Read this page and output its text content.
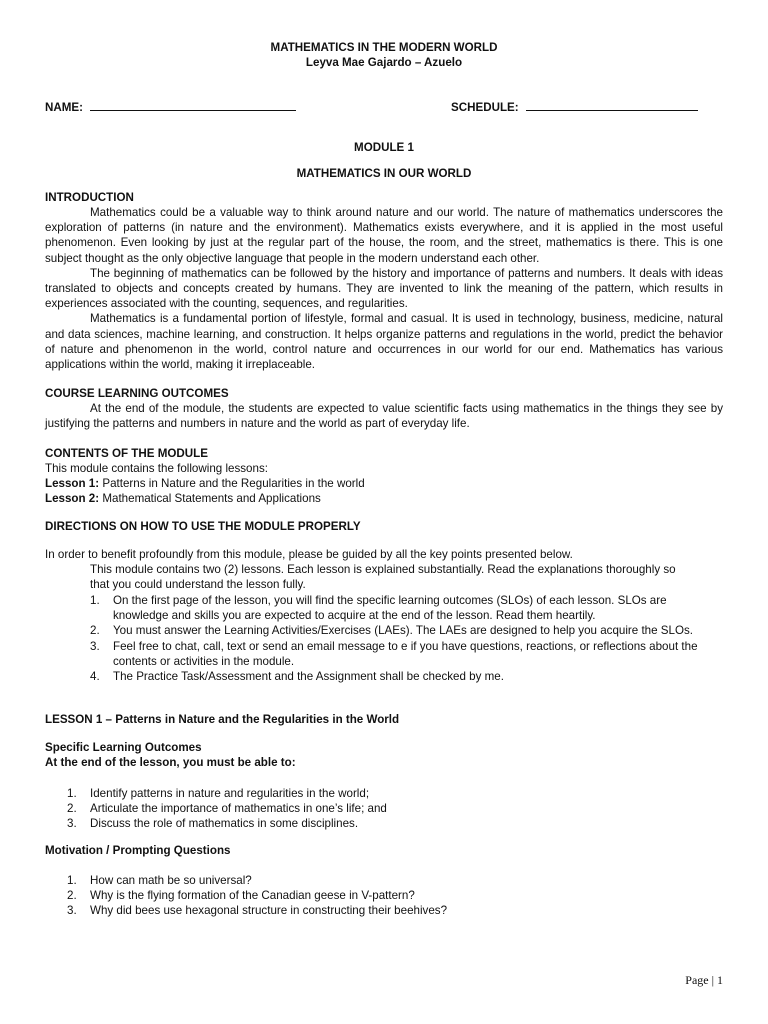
MATHEMATICS IN THE MODERN WORLD
Leyva Mae Gajardo – Azuelo
NAME:	SCHEDULE:
MODULE 1
MATHEMATICS IN OUR WORLD
INTRODUCTION

Mathematics could be a valuable way to think around nature and our world. The nature of mathematics underscores the exploration of patterns (in nature and the environment). Mathematics exists everywhere, and it is applied in the most useful phenomenon. Even looking by just at the regular part of the house, the room, and the street, mathematics is there. This is one subject thought as the only objective language that people in the modern understand each other.

The beginning of mathematics can be followed by the history and importance of patterns and numbers. It deals with ideas translated to objects and concepts created by humans. They are invented to link the meaning of the pattern, which results in experiences associated with the counting, sequences, and regularities.

Mathematics is a fundamental portion of lifestyle, formal and casual. It is used in technology, business, medicine, natural and data sciences, machine learning, and construction. It helps organize patterns and regulations in the world, predict the behavior of nature and phenomenon in the world, control nature and occurrences in our world for our end. Mathematics has various applications within the world, making it irreplaceable.

COURSE LEARNING OUTCOMES
At the end of the module, the students are expected to value scientific facts using mathematics in the things they see by justifying the patterns and numbers in nature and the world as part of everyday life.
CONTENTS OF THE MODULE
This module contains the following lessons:
Lesson 1: Patterns in Nature and the Regularities in the world
Lesson 2: Mathematical Statements and Applications
DIRECTIONS ON HOW TO USE THE MODULE PROPERLY
In order to benefit profoundly from this module, please be guided by all the key points presented below.
This module contains two (2) lessons. Each lesson is explained substantially. Read the explanations thoroughly so that you could understand the lesson fully.
1.	On the first page of the lesson, you will find the specific learning outcomes (SLOs) of each lesson. SLOs are knowledge and skills you are expected to acquire at the end of the lesson. Read them heartily.
2.	You must answer the Learning Activities/Exercises (LAEs). The LAEs are designed to help you acquire the SLOs.
3.	Feel free to chat, call, text or send an email message to e if you have questions, reactions, or reflections about the contents or activities in the module.
4.	The Practice Task/Assessment and the Assignment shall be checked by me.
LESSON 1 – Patterns in Nature and the Regularities in the World
Specific Learning Outcomes
At the end of the lesson, you must be able to:
1.	Identify patterns in nature and regularities in the world;
2.	Articulate the importance of mathematics in one’s life; and
3.	Discuss the role of mathematics in some disciplines.
Motivation / Prompting Questions
1.	How can math be so universal?
2.	Why is the flying formation of the Canadian geese in V-pattern?
3.	Why did bees use hexagonal structure in constructing their beehives?
Page | 1
